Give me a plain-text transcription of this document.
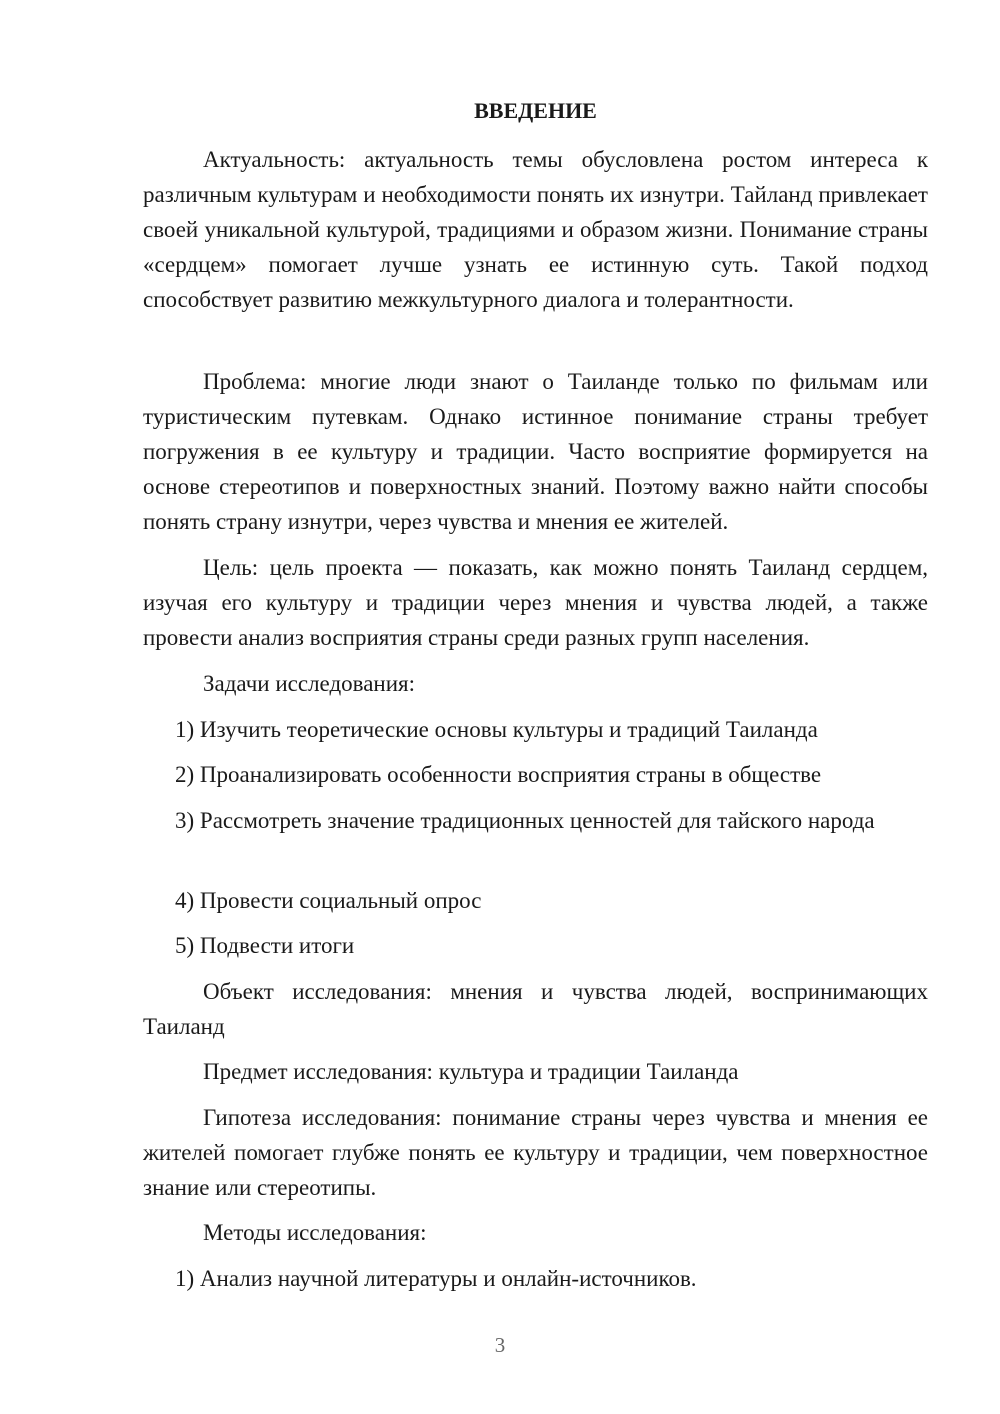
ВВЕДЕНИЕ

Актуальность: актуальность темы обусловлена ростом интереса к различным культурам и необходимости понять их изнутри. Тайланд привлекает своей уникальной культурой, традициями и образом жизни. Понимание страны «сердцем» помогает лучше узнать ее истинную суть. Такой подход способствует развитию межкультурного диалога и толерантности.

Проблема: многие люди знают о Таиланде только по фильмам или туристическим путевкам. Однако истинное понимание страны требует погружения в ее культуру и традиции. Часто восприятие формируется на основе стереотипов и поверхностных знаний. Поэтому важно найти способы понять страну изнутри, через чувства и мнения ее жителей.

Цель: цель проекта — показать, как можно понять Таиланд сердцем, изучая его культуру и традиции через мнения и чувства людей, а также провести анализ восприятия страны среди разных групп населения.

Задачи исследования:

1) Изучить теоретические основы культуры и традиций Таиланда

2) Проанализировать особенности восприятия страны в обществе

3) Рассмотреть значение традиционных ценностей для тайского народа

4) Провести социальный опрос

5) Подвести итоги

Объект исследования: мнения и чувства людей, воспринимающих Таиланд

Предмет исследования: культура и традиции Таиланда

Гипотеза исследования: понимание страны через чувства и мнения ее жителей помогает глубже понять ее культуру и традиции, чем поверхностное знание или стереотипы.

Методы исследования:

1) Анализ научной литературы и онлайн-источников.

3
